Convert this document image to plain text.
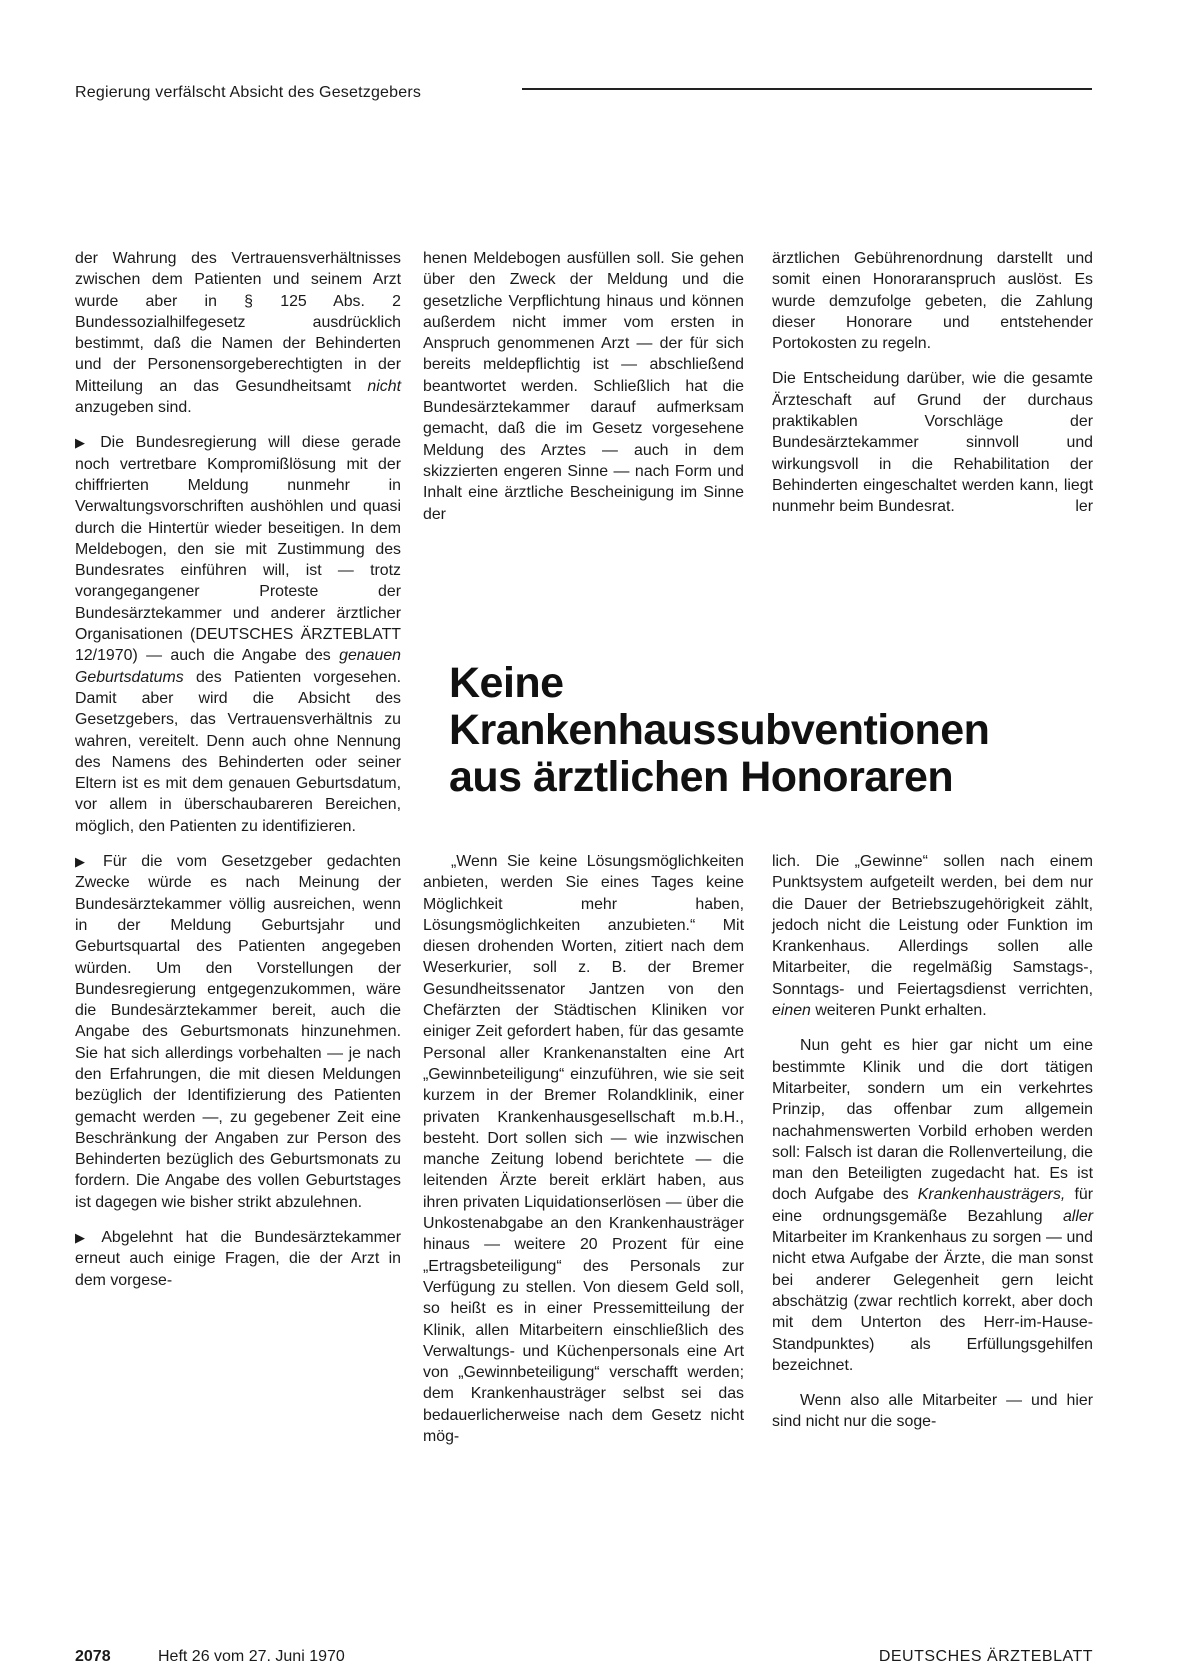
Regierung verfälscht Absicht des Gesetzgebers

der Wahrung des Vertrauensverhältnisses zwischen dem Patienten und seinem Arzt wurde aber in § 125 Abs. 2 Bundessozialhilfegesetz ausdrücklich bestimmt, daß die Namen der Behinderten und der Personensorgeberechtigten in der Mitteilung an das Gesundheitsamt nicht anzugeben sind.

▶ Die Bundesregierung will diese gerade noch vertretbare Kompromißlösung mit der chiffrierten Meldung nunmehr in Verwaltungsvorschriften aushöhlen und quasi durch die Hintertür wieder beseitigen. In dem Meldebogen, den sie mit Zustimmung des Bundesrates einführen will, ist — trotz vorangegangener Proteste der Bundesärztekammer und anderer ärztlicher Organisationen (DEUTSCHES ÄRZTEBLATT 12/1970) — auch die Angabe des genauen Geburtsdatums des Patienten vorgesehen. Damit aber wird die Absicht des Gesetzgebers, das Vertrauensverhältnis zu wahren, vereitelt. Denn auch ohne Nennung des Namens des Behinderten oder seiner Eltern ist es mit dem genauen Geburtsdatum, vor allem in überschaubareren Bereichen, möglich, den Patienten zu identifizieren.

▶ Für die vom Gesetzgeber gedachten Zwecke würde es nach Meinung der Bundesärztekammer völlig ausreichen, wenn in der Meldung Geburtsjahr und Geburtsquartal des Patienten angegeben würden. Um den Vorstellungen der Bundesregierung entgegenzukommen, wäre die Bundesärztekammer bereit, auch die Angabe des Geburtsmonats hinzunehmen. Sie hat sich allerdings vorbehalten — je nach den Erfahrungen, die mit diesen Meldungen bezüglich der Identifizierung des Patienten gemacht werden —, zu gegebener Zeit eine Beschränkung der Angaben zur Person des Behinderten bezüglich des Geburtsmonats zu fordern. Die Angabe des vollen Geburtstages ist dagegen wie bisher strikt abzulehnen.

▶ Abgelehnt hat die Bundesärztekammer erneut auch einige Fragen, die der Arzt in dem vorgese-

henen Meldebogen ausfüllen soll. Sie gehen über den Zweck der Meldung und die gesetzliche Verpflichtung hinaus und können außerdem nicht immer vom ersten in Anspruch genommenen Arzt — der für sich bereits meldepflichtig ist — abschließend beantwortet werden. Schließlich hat die Bundesärztekammer darauf aufmerksam gemacht, daß die im Gesetz vorgesehene Meldung des Arztes — auch in dem skizzierten engeren Sinne — nach Form und Inhalt eine ärztliche Bescheinigung im Sinne der

ärztlichen Gebührenordnung darstellt und somit einen Honoraranspruch auslöst. Es wurde demzufolge gebeten, die Zahlung dieser Honorare und entstehender Portokosten zu regeln.

Die Entscheidung darüber, wie die gesamte Ärzteschaft auf Grund der durchaus praktikablen Vorschläge der Bundesärztekammer sinnvoll und wirkungsvoll in die Rehabilitation der Behinderten eingeschaltet werden kann, liegt nunmehr beim Bundesrat.	ler

Keine
Krankenhaussubventionen
aus ärztlichen Honoraren

„Wenn Sie keine Lösungsmöglichkeiten anbieten, werden Sie eines Tages keine Möglichkeit mehr haben, Lösungsmöglichkeiten anzubieten.“ Mit diesen drohenden Worten, zitiert nach dem Weserkurier, soll z. B. der Bremer Gesundheitssenator Jantzen von den Chefärzten der Städtischen Kliniken vor einiger Zeit gefordert haben, für das gesamte Personal aller Krankenanstalten eine Art „Gewinnbeteiligung“ einzuführen, wie sie seit kurzem in der Bremer Rolandklinik, einer privaten Krankenhausgesellschaft m.b.H., besteht. Dort sollen sich — wie inzwischen manche Zeitung lobend berichtete — die leitenden Ärzte bereit erklärt haben, aus ihren privaten Liquidationserlösen — über die Unkostenabgabe an den Krankenhausträger hinaus — weitere 20 Prozent für eine „Ertragsbeteiligung“ des Personals zur Verfügung zu stellen. Von diesem Geld soll, so heißt es in einer Pressemitteilung der Klinik, allen Mitarbeitern einschließlich des Verwaltungs- und Küchenpersonals eine Art von „Gewinnbeteiligung“ verschafft werden; dem Krankenhausträger selbst sei das bedauerlicherweise nach dem Gesetz nicht mög-

lich. Die „Gewinne“ sollen nach einem Punktsystem aufgeteilt werden, bei dem nur die Dauer der Betriebszugehörigkeit zählt, jedoch nicht die Leistung oder Funktion im Krankenhaus. Allerdings sollen alle Mitarbeiter, die regelmäßig Samstags-, Sonntags- und Feiertagsdienst verrichten, einen weiteren Punkt erhalten.

Nun geht es hier gar nicht um eine bestimmte Klinik und die dort tätigen Mitarbeiter, sondern um ein verkehrtes Prinzip, das offenbar zum allgemein nachahmenswerten Vorbild erhoben werden soll: Falsch ist daran die Rollenverteilung, die man den Beteiligten zugedacht hat. Es ist doch Aufgabe des Krankenhausträgers, für eine ordnungsgemäße Bezahlung aller Mitarbeiter im Krankenhaus zu sorgen — und nicht etwa Aufgabe der Ärzte, die man sonst bei anderer Gelegenheit gern leicht abschätzig (zwar rechtlich korrekt, aber doch mit dem Unterton des Herr-im-Hause-Standpunktes) als Erfüllungsgehilfen bezeichnet.

Wenn also alle Mitarbeiter — und hier sind nicht nur die soge-

2078	Heft 26 vom 27. Juni 1970	DEUTSCHES ÄRZTEBLATT
